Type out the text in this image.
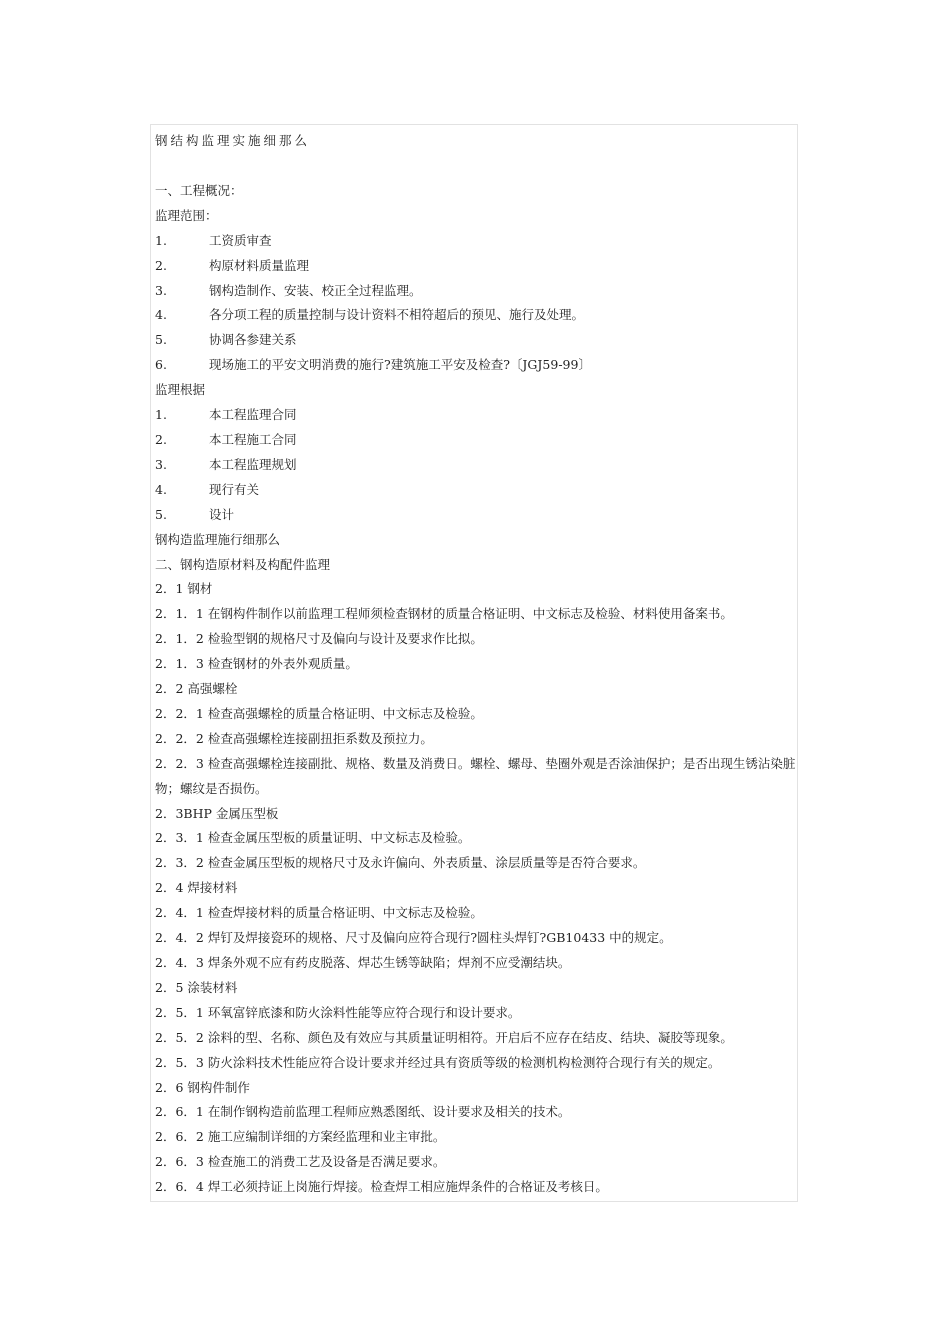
钢结构监理实施细那么
一、工程概况：
监理范围：
1.	工资质审查
2.	构原材料质量监理
3.	钢构造制作、安装、校正全过程监理。
4.	各分项工程的质量控制与设计资料不相符超后的预见、施行及处理。
5.	协调各参建关系
6.	现场施工的平安文明消费的施行?建筑施工平安及检查?〔JGJ59-99〕
监理根据
1.	本工程监理合同
2.	本工程施工合同
3.	本工程监理规划
4.	现行有关
5.	设计
钢构造监理施行细那么
二、钢构造原材料及构配件监理
2．1 钢材
2．1．1 在钢构件制作以前监理工程师须检查钢材的质量合格证明、中文标志及检验、材料使用备案书。
2．1．2 检验型钢的规格尺寸及偏向与设计及要求作比拟。
2．1．3 检查钢材的外表外观质量。
2．2 高强螺栓
2．2．1 检查高强螺栓的质量合格证明、中文标志及检验。
2．2．2 检查高强螺栓连接副扭拒系数及预拉力。
2．2．3 检查高强螺栓连接副批、规格、数量及消费日。螺栓、螺母、垫圈外观是否涂油保护；是否出现生锈沾染脏物；螺纹是否损伤。
2．3BHP 金属压型板
2．3．1 检查金属压型板的质量证明、中文标志及检验。
2．3．2 检查金属压型板的规格尺寸及永许偏向、外表质量、涂层质量等是否符合要求。
2．4 焊接材料
2．4．1 检查焊接材料的质量合格证明、中文标志及检验。
2．4．2 焊钉及焊接瓷环的规格、尺寸及偏向应符合现行?圆柱头焊钉?GB10433 中的规定。
2．4．3 焊条外观不应有药皮脱落、焊芯生锈等缺陷；焊剂不应受潮结块。
2．5 涂装材料
2．5．1 环氧富锌底漆和防火涂料性能等应符合现行和设计要求。
2．5．2 涂料的型、名称、颜色及有效应与其质量证明相符。开启后不应存在结皮、结块、凝胶等现象。
2．5．3 防火涂料技术性能应符合设计要求并经过具有资质等级的检测机构检测符合现行有关的规定。
2．6 钢构件制作
2．6．1 在制作钢构造前监理工程师应熟悉图纸、设计要求及相关的技术。
2．6．2 施工应编制详细的方案经监理和业主审批。
2．6．3 检查施工的消费工艺及设备是否满足要求。
2．6．4 焊工必须持证上岗施行焊接。检查焊工相应施焊条件的合格证及考核日。
